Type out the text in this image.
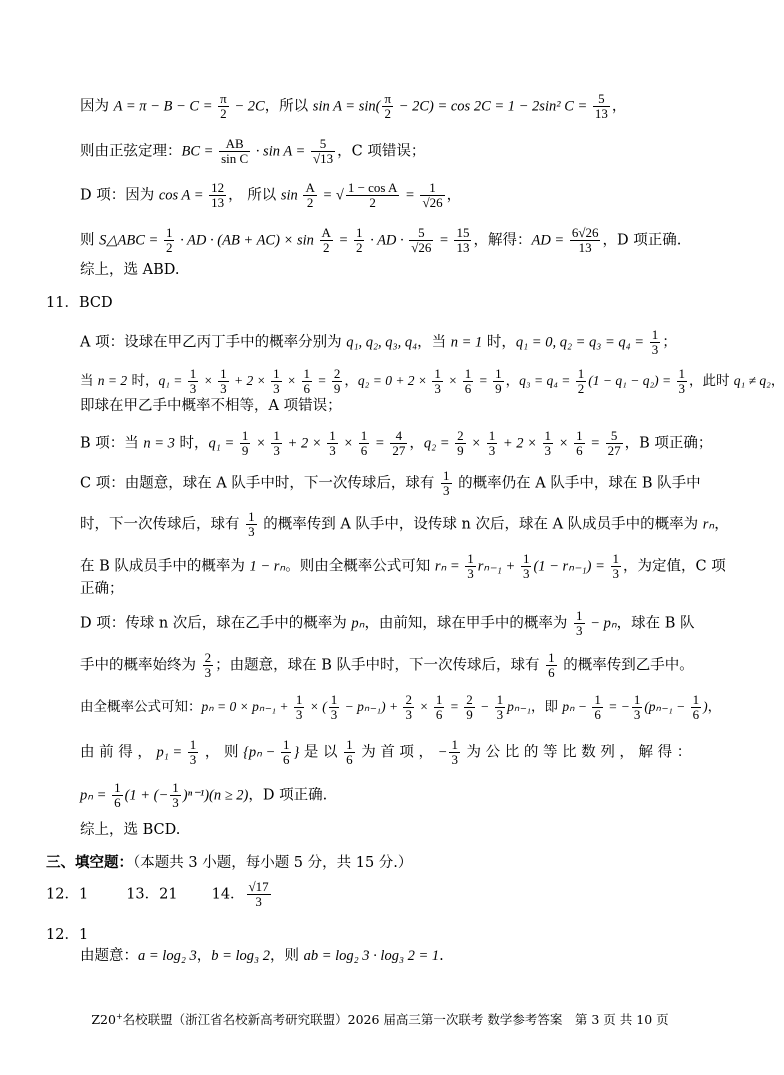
因为 $A = \pi - B - C = \frac{\pi}{2} - 2C$，所以 $\sin A = \sin( \frac{\pi}{2} - 2C) = \cos 2C = 1 - 2\sin^2$ $C = \frac{5}{13}$ ，
则由正弦定理：BC = $\frac{AB}{\text{sin C}} \cdot \sin A = \frac{5}{√13}$ ，C 项错误；
D 项：因为 $\cos A = \frac{12}{13}$ ， 所以 $\sin \frac{A}{2}$ = √ $\frac{\text{1 − cos A}}{2} = \frac{1}{√26}$ ，
则 S△ABC = $\frac{1}{2}$ · AD · $(AB + AC) \times \sin \frac{A}{2} = \frac{1}{2}$ · AD · $\frac{5}{√26} = \frac{15}{13}$ ，解得：AD = $\frac{6√26}{13}$ ，D 项正确.
综上，选 ABD.
11．BCD
A 项：设球在甲乙丙丁手中的概率分别为 q₁, q₂, q₃, q₄，当 n = 1 时，q₁ = 0, $q_2 = q_3 = q_4 = \frac{1}{3}$ ；
当 n = 2 时，$q_1 = \frac{1}{3} \times \frac{1}{3} + 2 \times \frac{1}{3} \times \frac{1}{6} = \frac{2}{9}$ ，$q_2 = 0 + 2 \times \frac{1}{3} \times \frac{1}{6} = \frac{1}{9}$ ，$q_3 = q_4 = \frac{1}{2} (1 - q_1 - q_2) = \frac{1}{3}$ ，此时 q₁ ≠ q₂，
即球在甲乙手中概率不相等，A 项错误；
B 项：当 n = 3 时，$q_1 = \frac{1}{9} \times \frac{1}{3} + 2 \times \frac{1}{3} \times \frac{1}{6} = \frac{4}{27}$ ，$q_2 = \frac{2}{9} \times \frac{1}{3} + 2 \times \frac{1}{3} \times \frac{1}{6} = \frac{5}{27}$ ，B 项正确；
C 项：由题意，球在 A 队手中时，下一次传球后，球有 $\frac{1}{3}$ 的概率仍在 A 队手中，球在 B 队手中
时，下一次传球后，球有 $\frac{1}{3}$ 的概率传到 A 队手中，设传球 n 次后，球在 A 队成员手中的概率为 rₙ，
在 B 队成员手中的概率为 1 − rₙ。则由全概率公式可知 $r_n = \frac{1}{3} r_{n-1} + \frac{1}{3} (1 - r_{n-1}) = \frac{1}{3}$ ，为定值，C 项
正确；
D 项：传球 n 次后，球在乙手中的概率为 pₙ，由前知，球在甲手中的概率为 $\frac{1}{3} - p_n$，球在 B 队
手中的概率始终为 $\frac{2}{3}$ ；由题意，球在 B 队手中时，下一次传球后，球有 $\frac{1}{6}$ 的概率传到乙手中。
由全概率公式可知：$p_n = 0 \times p_{n-1} + \frac{1}{3}$ × ( $\frac{1}{3} - p_{n-1}) + \frac{2}{3} \times \frac{1}{6} = \frac{2}{9} - \frac{1}{3} p_{n-1}$，即 $p_n - \frac{1}{6}$ = − $\frac{1}{3} (p_{n-1} - \frac{1}{6}$ )，
由 前 得 ， $p_1 = \frac{1}{3}$ ， 则 {$p_n - \frac{1}{6}$ } 是 以 $\frac{1}{6}$ 为 首 项 ， − $\frac{1}{3}$ 为 公 比 的 等 比 数 列 ， 解 得 ：
$p_n = \frac{1}{6} (1$ + (− $\frac{1}{3} )^{n-1})(n \ge 2)$，D 项正确.
综上，选 BCD.
三、填空题：（本题共 3 小题，每小题 5 分，共 15 分.）
12．1	13．21 14． $\frac{√17}{3}$
12．1
由题意：a = log₂ 3，b = log₃ 2，则 ab = log₂ 3 · log₃ 2 = 1.
Z20+名校联盟（浙江省名校新高考研究联盟）2026 届高三第一次联考 数学参考答案　第 3 页 共 10 页
